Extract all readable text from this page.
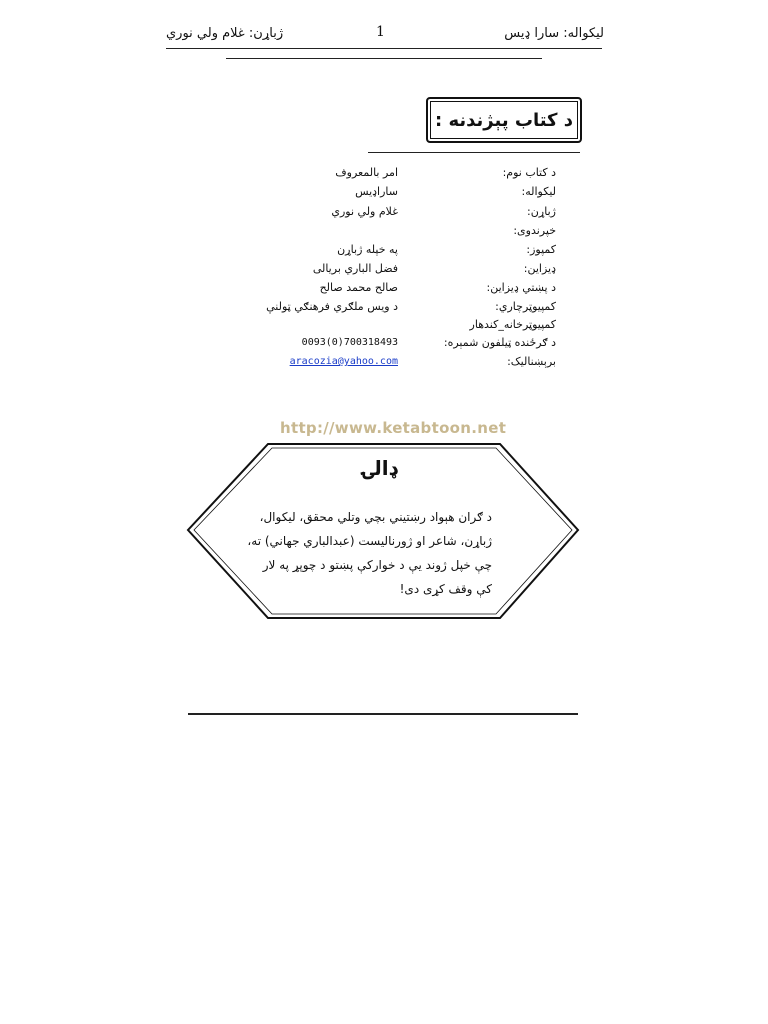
ليکواله: سارا ډيس
1
ژباړن: غلام ولي نوري
د کتاب پېژندنه :
د کتاب نوم:
امر بالمعروف
ليکواله:
ساراډيس
ژباړن:
غلام ولي نوري
خپرندوی:
کمپوز:
په خپله ژباړن
ډيزاين:
فضل الباري بريالی
د پښتي ډيزاين:
صالح محمد صالح
کمپيوټرچاري:
د ويس ملګري فرهنګي ټولنې
کمپيوټرخانه_کندهار
د ګرځنده ټيلفون شمېره:
0093(0)700318493
برېښناليک:
aracozia@yahoo.com
http://www.ketabtoon.net
ډالۍ
د ګران هېواد رښتيني بچي وتلي محقق، ليکوال،
ژباړن، شاعر او ژورناليست (عبدالباري جهاني) ته،
چې خپل ژوند يې د خوارکې پښتو د چوپړ په لار
کې وقف کړی دی!
